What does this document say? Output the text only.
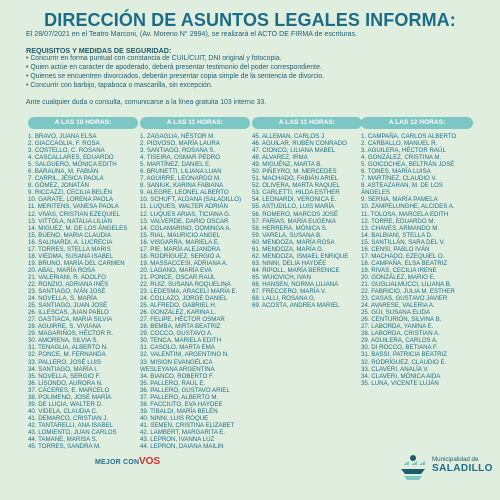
DIRECCIÓN DE ASUNTOS LEGALES INFORMA:
El 28/07/2021 en el Teatro Marconi, (Av. Moreno N° 2994), se realizará el ACTO DE FIRMA de escrituras.
REQUISITOS Y MEDIDAS DE SEGURIDAD:
• Concurrir en forma puntual con constancia de CUIL/CUIT, DNI original y fotocopia.
• Quien actúe en carácter de apoderado, deberá presentar testimonio del poder correspondiente.
• Quienes se encuentren divorciados, deberán presentar copia simple de la sentencia de divorcio.
• Concurrir con barbijo, tapaboca o mascarilla, sin excepción.
Ante cualquier duda o consulta, comunicarse a la línea gratuita 103 interno 33.
A LAS 10 HORAS:
1. BRAVO, JUANA ELSA
2. GIACCAGLIA, F. ROSA
3. COSTELLO, C. ROSANA
4. CASCALLARES, EDUARDO
5. SALGUERO, MÓNICA EDITH
6. BARAUNA, M. FABIÁN
7. CARRIL, JÉSICA PAOLA
8. GÓMEZ, JONATÁN
9. RICCAZZI, CECILIA BELÉN
10. GARATE, LORENA PAOLA
11. MERITENS, VANESA PAOLA
12. VIVAS, CRISTIAN EZEQUIEL
13. VITTOLA, NATALIA LILIAN
14. MIGUEZ, M. DE LOS ÁNGELES
15. BUENO, MARIA CLAUDIA
16. SALINARDI, A. LUCRECIA
17. TORRES, STELLA MARIS
18. VIEDMA, SUSANA ISABEL
19. BRUNO, MARÍA DEL CARMEN
20. ABAL, MARÍA ROSA
21. VALERIANI, R. ADOLFO
22. RONZIO, ADRIANA INÉS
23. SANTIAGO, IVÁN JOSÉ
24. NOVELLA, S. MARÍA
25. SANTIAGO, JUAN JOSÉ
26. ILLESCAS, JUAN PABLO
27. GASTIACA, MARIA SILVIA
28. AGUIRRE, S. VIVIANA
29. MAGARIÑOS, HÉCTOR R.
30. AMORENA, SILVIA S.
31. TENAGLIA, ALBERTO N.
32. PONCE, M. FERNANDA
33. PALLERO, JOSÉ LUIS
34. SANTIAGO, MARÍA I.
35. NOVELLA, SERGIO F.
36. LISONDO, AURORA N.
37. CÁCERES, E. MARCELO
38. POLIMENO, JOSÉ MARÍA
39. DE LUCIA, WALTER D.
40. VIDELA, CLAUDIA C.
41. DEMARCO, CRISTIAN J.
42. TANTARELLI, ANA ISABEL
43. LOMIENTO, JUAN CARLOS
44. TAMANE, MARISA S.
45. TORRES, SANDRA M.
A LAS 11 HORAS:
1. ZAGAGLIA, NÉSTOR M.
2. PIOVOSO, MARÍA LAURA
3. SANTIAGO, ROSANA S.
4. TISEIRA, OSMAR PEDRO
5. MARTÍNEZ, DANIEL E.
6. BRUNETTI, LILIANA LUAN
7. AGUIRRE, LEONARDO M.
8. SANIUK, KARINA FABIANA
9. ALEGRE, LEONEL ALBERTO
10. SCHUFT, ALDANA (SALADILLO)
11. LUQUES, WALTER ADRIÁN
12. LUQUES ARIAS, TICIANA G.
13. VALVERDE, DARIO OSCAR
14. COLAMARINO, DOMINGA A.
15. RIAL, MAURICIO ANGEL
16. VISGARRA, MARIELA E.
17. PIE, MARÍA ALEJANDRA
18. RODRÍGUEZ, SERGIO A.
19. MASSACCESI, ADRIANA A.
20. LAGANO, MARÍA EVA
21. PONCE, OSCAR RAÚL
22. RUIZ, SUSANA ROQUELINA
23. LEDESMA, ARACELI MARÍA E.
24. COLLAZO, JORGE DANIEL
25. ALFREDO, GABRIEL H.
26. GONZÁLEZ, KARINA L.
27. FELIPE, HÉCTOR OSMAR
28. BEMBA, MIRTA BEATRIZ
29. COCCO, GUSTAVO A.
30. TENCA, MARIELA EDITH
31. CASOLO, MARTA EMA
32. VALENTINI, ARGENTINO N.
33. MISION EVANGÉLICA
WESLEYANA ARGENTINA
34. BIANCO, ROBERTO F.
35. PALLERO, RAÚL E.
36. PALLERO, GUSTAVO ARIEL
37. PALLERO, ALBERTO M.
38. FACCIUTO, EVA HAYDEE
39. TIBALDI, MARÍA BELÉN
40. NINNI, LUIS ROQUE
41. SEMEN, CRISTINA ELIZABET
42. LAMBERT, MARGARITA E.
43. LEPRON, IVANNA LUZ
44. LEPRON, DAIANA MAILIN
A LAS 11 HORAS:
45. ALLEMAN, CARLOS J.
46. AGUILAR, RUBÉN CONRADO
47. CIONCO, LILIANA MABEL
48. ALVAREZ, IRMA
49. MIGUÉNZ, MARTA B.
50. PIÑEYRO, M. MERCEDES
51. MACHADO, FABIÁN ARIEL
52. OLIVERA, MARTA RAQUEL
53. CARLETTI, HILDA ESTHER
54. LEONARDI, VERONICA E.
55. ASTUDILLO, LUIS MARÍA
56. ROMERO, MARCOS JOSÉ
57. FARÍAS, MARÍA EUGENIA
58. HERRERA, MÓNICA S.
59. VARELA, SUSANA B.
60. MENDOZA, MARÍA ROSA
61. MENDOZA, MARÍA G.
62. MENDOZA, ISMAEL ENRIQUE
63. NINNI, DELIA HAYDÉE
64. RIPOLL, MARÍA BERENICE
65. WUIOVICH, IVAN
66. HANSEN, NORMA LILIANA
67. FRECCERO, MARÍA V.
68. LALLI, ROSANA G.
69. ACOSTA, ANDREA MARIEL
A LAS 12 HORAS:
1. CAMPAÑA, CARLOS ALBERTO
2. CARBALLO, MANUEL R.
3. AGUILERA, HÉCTOR RAÚL
4. GONZÁLEZ, CRISTINA M.
5. GOICOCHEA, BELTRÁN JOSÉ
6. TONES, MARÍA LUISA
7. MARTÍNEZ, CLAUDIO V.
8. ASTEAZARAN, M. DE LOS
ÁNGELES
9. SERNA, MARÍA PAMELA
10. ZAMPELUNGHE, ALCIDES A.
11. TOLOSA, MARCELA EDITH
12. TORRE, EDUARDO M.
13. CHAVES, ARMANDO M.
14. BALBIANI, STELLA D.
15. SANTILLÁN, SARA DEL V.
16. CENSI, PABLO IVÁN
17. MACHADO, EZEQUIEL O.
18. CAMPAÑA, ELSA BEATRIZ
19. RIVAS, CECILIA IRENE
20. GONZÁLEZ, MARIO E.
21. GUGLIALMUCCI, LILIANA B.
22. FABRICIO, JULIA M. ESTHER
23. CASAS, GUSTAVO JAVIER
24. AVARESE, VALERIA A.
25. GÜI, SUSANA ELIDA
26. CENTURIÓN, SILVINA B.
27. LABORDA, YANINA E.
28. LABORDA, CRISTIAN A.
29. AGUILERA, CARLOS A.
30. DI ROCCO, BETIANA F.
31. BASSI, PATRICIA BEATRIZ
32. RODRÍGUEZ, CLAUDIO E.
33. CLAVERI, ANALÍA V.
34. CLAVERI, MÓNICA AIDA
35. LUNA, VICENTE LUJÁN
MEJOR CON VOS	Municipalidad de
SALADILLO
